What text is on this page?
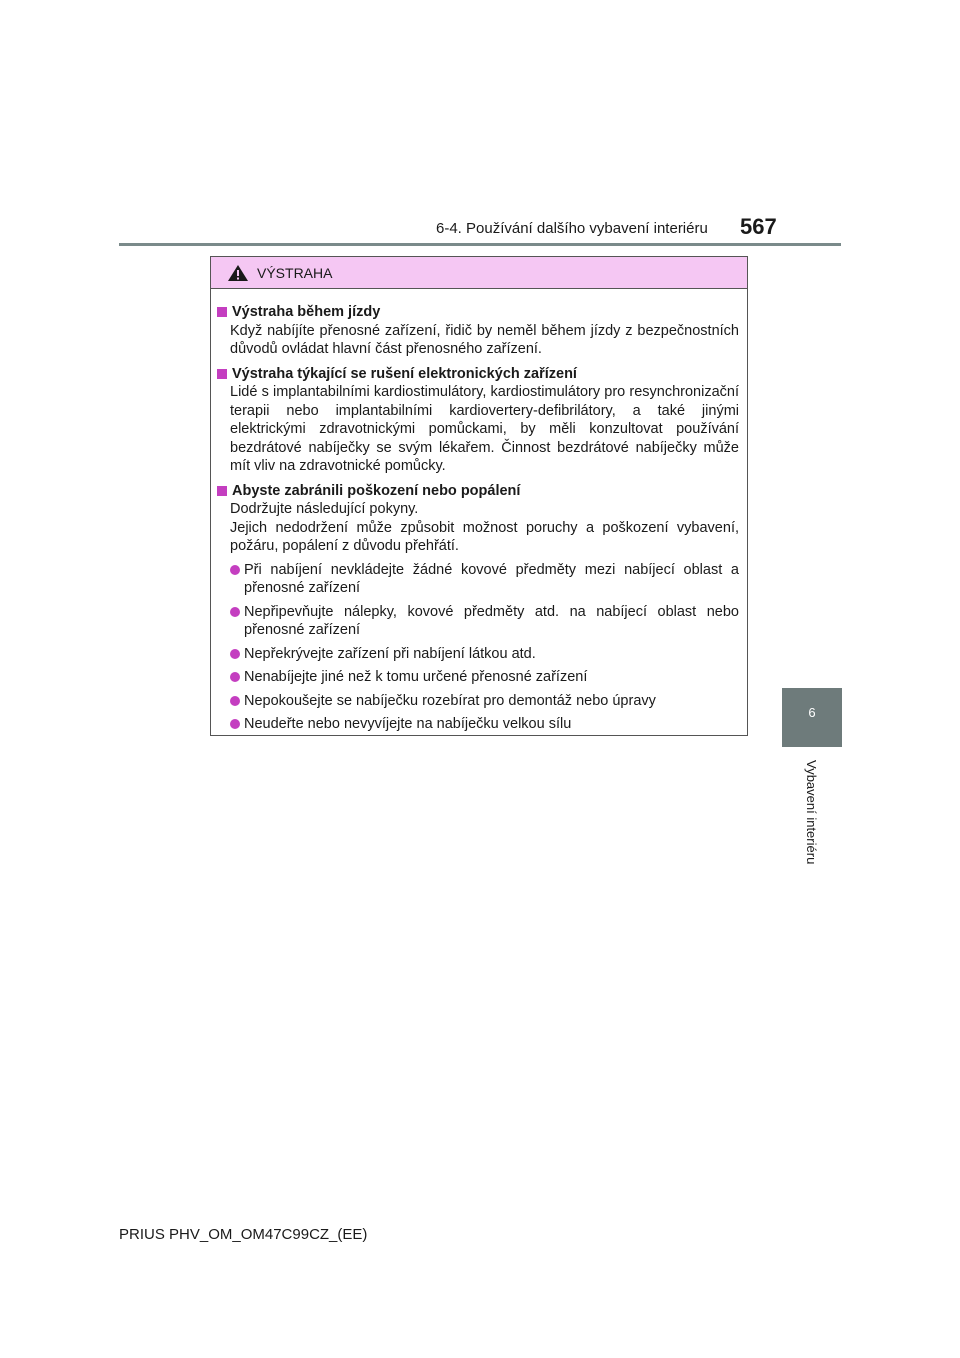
6-4. Používání dalšího vybavení interiéru 567
6
Vybavení interiéru
VÝSTRAHA
Výstraha během jízdy
Když nabíjíte přenosné zařízení, řidič by neměl během jízdy z bezpečnostních důvodů ovládat hlavní část přenosného zařízení.
Výstraha týkající se rušení elektronických zařízení
Lidé s implantabilními kardiostimulátory, kardiostimulátory pro resynchronizační terapii nebo implantabilními kardiovertery-defibrilátory, a také jinými elektrickými zdravotnickými pomůckami, by měli konzultovat používání bezdrátové nabíječky se svým lékařem. Činnost bezdrátové nabíječky může mít vliv na zdravotnické pomůcky.
Abyste zabránili poškození nebo popálení
Dodržujte následující pokyny.
Jejich nedodržení může způsobit možnost poruchy a poškození vybavení, požáru, popálení z důvodu přehřátí.
Při nabíjení nevkládejte žádné kovové předměty mezi nabíjecí oblast a přenosné zařízení
Nepřipevňujte nálepky, kovové předměty atd. na nabíjecí oblast nebo přenosné zařízení
Nepřekrývejte zařízení při nabíjení látkou atd.
Nenabíjejte jiné než k tomu určené přenosné zařízení
Nepokoušejte se nabíječku rozebírat pro demontáž nebo úpravy
Neudeřte nebo nevyvíjejte na nabíječku velkou sílu
PRIUS PHV_OM_OM47C99CZ_(EE)
